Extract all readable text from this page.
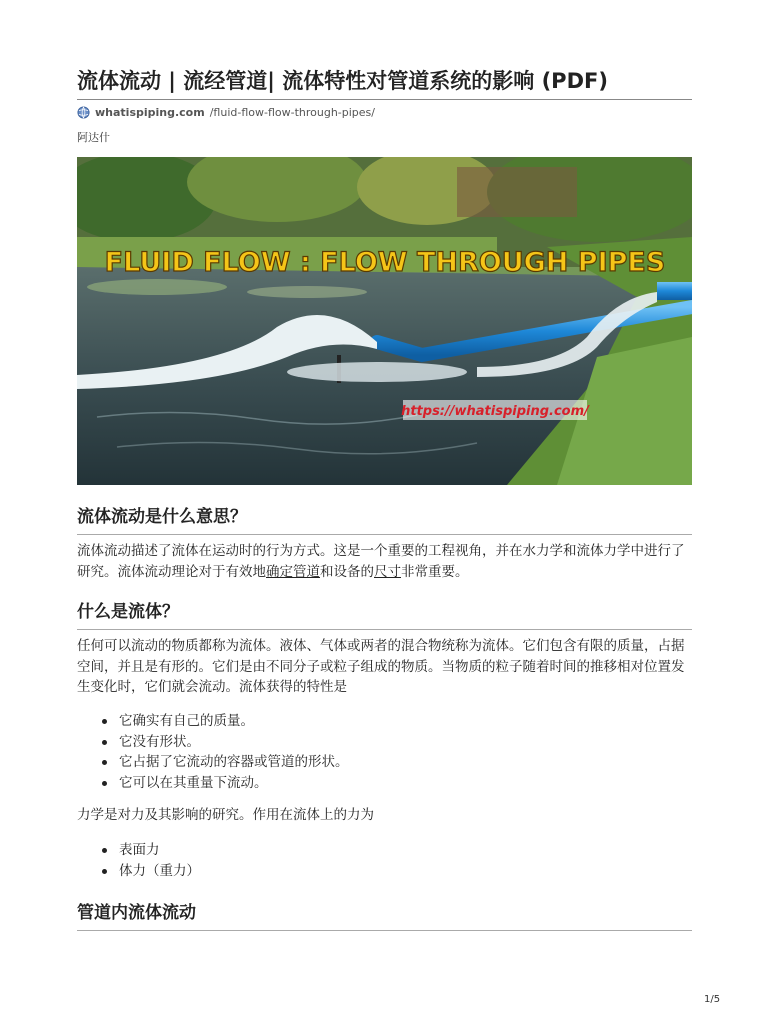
流体流动 | 流经管道| 流体特性对管道系统的影响 (PDF)
whatispiping.com /fluid-flow-flow-through-pipes/
阿达什
FLUID FLOW : FLOW THROUGH PIPES
https://whatispiping.com/
流体流动是什么意思？

流体流动描述了流体在运动时的行为方式。这是一个重要的工程视角，并在水力学和流体力学中进行了研究。流体流动理论对于有效地确定管道和设备的尺寸非常重要。

什么是流体？

任何可以流动的物质都称为流体。液体、气体或两者的混合物统称为流体。它们包含有限的质量，占据空间，并且是有形的。它们是由不同分子或粒子组成的物质。当物质的粒子随着时间的推移相对位置发生变化时，它们就会流动。流体获得的特性是

它确实有自己的质量。
它没有形状。
它占据了它流动的容器或管道的形状。
它可以在其重量下流动。

力学是对力及其影响的研究。作用在流体上的力为

表面力
体力（重力）
管道内流体流动
1/5
